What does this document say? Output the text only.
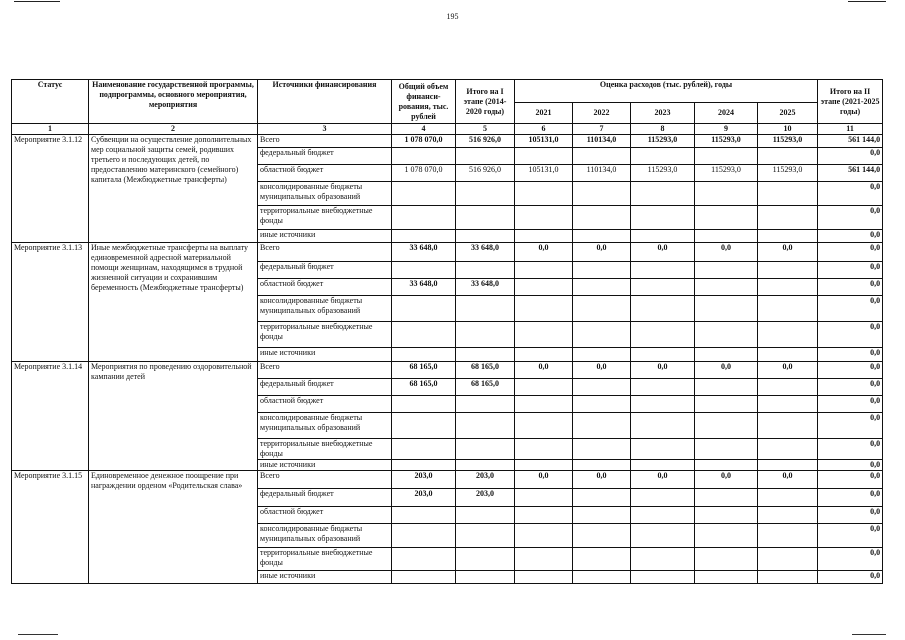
195
Статус	Наименование государственной программы, подпрограммы, основного мероприятия, мероприятия	Источники финансирования	Общий объем финанси-рования, тыс. рублей	Итого на I этапе (2014-2020 годы)	Оценка расходов (тыс. рублей), годы					Итого на II этапе (2021-2025 годы)
					2021	2022	2023	2024	2025	
1	2	3	4	5	6	7	8	9	10	11
Мероприятие 3.1.12	Субвенции на осуществление дополнительных мер социальной защиты семей, родивших третьего и последующих детей, по предоставлению материнского (семейного) капитала (Межбюджетные трансферты)	Всего	1 078 070,0	516 926,0	105131,0	110134,0	115293,0	115293,0	115293,0	561 144,0
		федеральный бюджет								0,0
		областной бюджет	1 078 070,0	516 926,0	105131,0	110134,0	115293,0	115293,0	115293,0	561 144,0
		консолидированные бюджеты муниципальных образований								0,0
		территориальные внебюджетные фонды								0,0
		иные источники								0,0
Мероприятие 3.1.13	Иные межбюджетные трансферты на выплату единовременной адресной материальной помощи женщинам, находящимся в трудной жизненной ситуации и сохранившим беременность (Межбюджетные трансферты)	Всего	33 648,0	33 648,0	0,0	0,0	0,0	0,0	0,0	0,0
		федеральный бюджет								0,0
		областной бюджет	33 648,0	33 648,0						0,0
		консолидированные бюджеты муниципальных образований								0,0
		территориальные внебюджетные фонды								0,0
		иные источники								0,0
Мероприятие 3.1.14	Мероприятия по проведению оздоровительной кампании детей	Всего	68 165,0	68 165,0	0,0	0,0	0,0	0,0	0,0	0,0
		федеральный бюджет	68 165,0	68 165,0						0,0
		областной бюджет								0,0
		консолидированные бюджеты муниципальных образований								0,0
		территориальные внебюджетные фонды								0,0
		иные источники								0,0
Мероприятие 3.1.15	Единовременное денежное поощрение при награждении орденом «Родительская слава»	Всего	203,0	203,0	0,0	0,0	0,0	0,0	0,0	0,0
		федеральный бюджет	203,0	203,0						0,0
		областной бюджет								0,0
		консолидированные бюджеты муниципальных образований								0,0
		территориальные внебюджетные фонды								0,0
		иные источники								0,0
